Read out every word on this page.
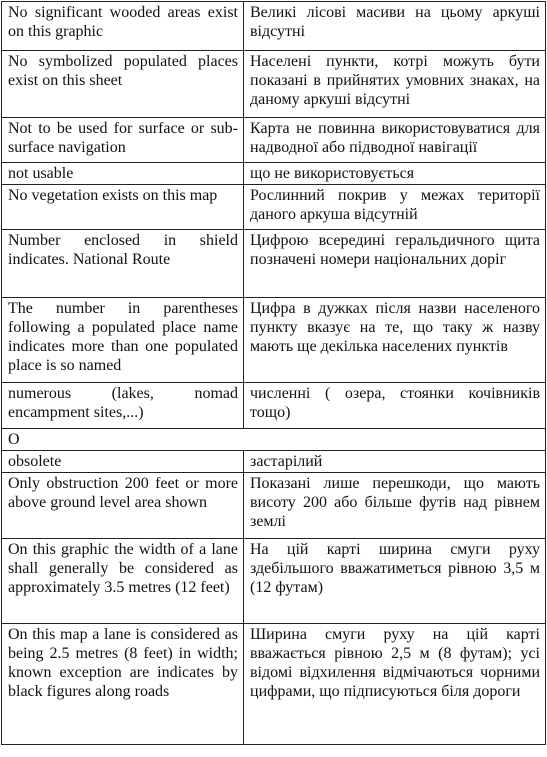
No significant wooded areas exist on this graphic	Великі лісові масиви на цьому аркуші відсутні
No symbolized populated places exist on this sheet	Населені пункти, котрі можуть бути показані в прийнятих умовних знаках, на даному аркуші відсутні
Not to be used for surface or sub-surface navigation	Карта не повинна використовуватися для надводної або підводної навігації
not usable	що не використовується
No vegetation exists on this map	Рослинний покрив у межах території даного аркуша відсутній
Number enclosed in shield indicates. National Route	Цифрою всередині геральдичного щита позначені номери національних доріг
The number in parentheses following a populated place name indicates more than one populated place is so named	Цифра в дужках після назви населеного пункту вказує на те, що таку ж назву мають ще декілька населених пунктів
numerous (lakes, nomad encampment sites,...)	численні ( озера, стоянки кочівників тощо)
O	
obsolete	застарілий
Only obstruction 200 feet or more above ground level area shown	Показані лише перешкоди, що мають висоту 200 або більше футів над рівнем землі
On this graphic the width of a lane shall generally be considered as approximately 3.5 metres (12 feet)	На цій карті ширина смуги руху здебільшого вважатиметься рівною 3,5 м (12 футам)
On this map a lane is considered as being 2.5 metres (8 feet) in width; known exception are indicates by black figures along roads	Ширина смуги руху на цій карті вважається рівною 2,5 м (8 футам); усі відомі відхилення відмічаються чорними цифрами, що підписуються біля дороги
